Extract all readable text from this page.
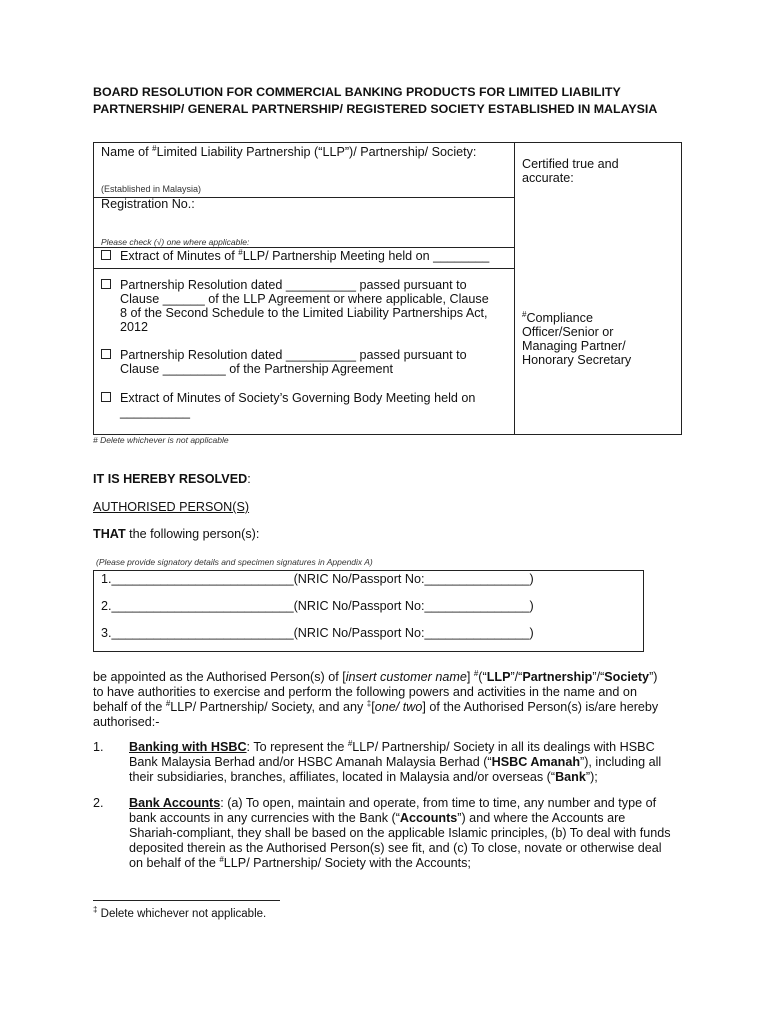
BOARD RESOLUTION FOR COMMERCIAL BANKING PRODUCTS FOR LIMITED LIABILITY PARTNERSHIP/ GENERAL PARTNERSHIP/ REGISTERED SOCIETY ESTABLISHED IN MALAYSIA
Name of #Limited Liability Partnership (“LLP”)/ Partnership/ Society:
(Established in Malaysia)
Registration No.:
Please check (√) one where applicable:
Extract of Minutes of #LLP/ Partnership Meeting held on ________
Partnership Resolution dated __________ passed pursuant to
Clause ______ of the LLP Agreement or where applicable, Clause
8 of the Second Schedule to the Limited Liability Partnerships Act,
2012
Partnership Resolution dated __________ passed pursuant to
Clause _________ of the Partnership Agreement
Extract of Minutes of Society’s Governing Body Meeting held on
__________
Certified true and
accurate:
#Compliance
Officer/Senior or
Managing Partner/
Honorary Secretary
# Delete whichever is not applicable
IT IS HEREBY RESOLVED:
AUTHORISED PERSON(S)
THAT the following person(s):
(Please provide signatory details and specimen signatures in Appendix A)
1.__________________________(NRIC No/Passport No:_______________)
2.__________________________(NRIC No/Passport No:_______________)
3.__________________________(NRIC No/Passport No:_______________)
be appointed as the Authorised Person(s) of [insert customer name] #(“LLP”/“Partnership”/“Society”)
to have authorities to exercise and perform the following powers and activities in the name and on
behalf of the #LLP/ Partnership/ Society, and any ‡[one/ two] of the Authorised Person(s) is/are hereby
authorised:-
1. Banking with HSBC: To represent the #LLP/ Partnership/ Society in all its dealings with HSBC
Bank Malaysia Berhad and/or HSBC Amanah Malaysia Berhad (“HSBC Amanah”), including all
their subsidiaries, branches, affiliates, located in Malaysia and/or overseas (“Bank”);
2. Bank Accounts: (a) To open, maintain and operate, from time to time, any number and type of
bank accounts in any currencies with the Bank (“Accounts”) and where the Accounts are
Shariah-compliant, they shall be based on the applicable Islamic principles, (b) To deal with funds
deposited therein as the Authorised Person(s) see fit, and (c) To close, novate or otherwise deal
on behalf of the #LLP/ Partnership/ Society with the Accounts;
‡ Delete whichever not applicable.
